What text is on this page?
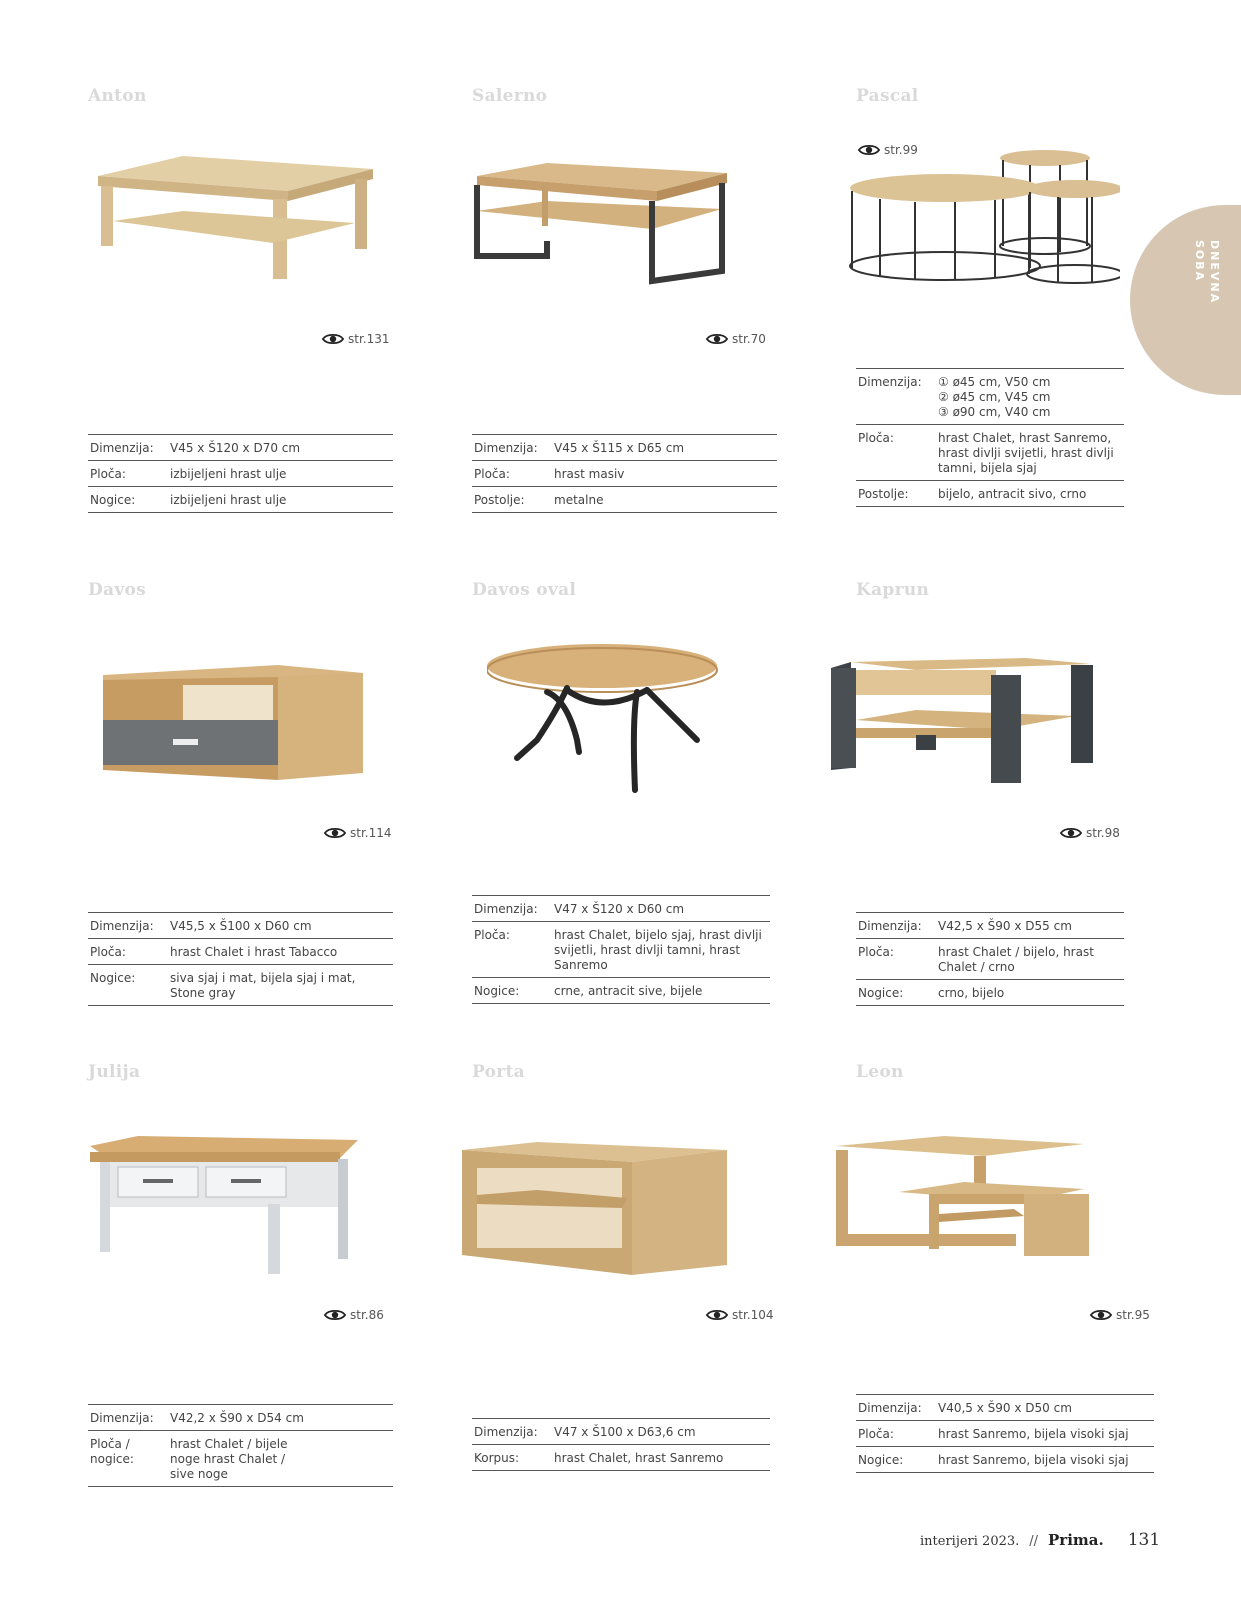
DNEVNA
SOBA
Anton
str.131
Dimenzija:	V45 x Š120 x D70 cm
Ploča:	izbijeljeni hrast ulje
Nogice:	izbijeljeni hrast ulje
Salerno
str.70
Dimenzija:	V45 x Š115 x D65 cm
Ploča:	hrast masiv
Postolje:	metalne
Pascal
str.99
Dimenzija:	① ø45 cm, V50 cm
② ø45 cm, V45 cm
③ ø90 cm, V40 cm
Ploča:	hrast Chalet, hrast Sanremo, hrast divlji svijetli, hrast divlji tamni, bijela sjaj
Postolje:	bijelo, antracit sivo, crno
Davos
str.114
Dimenzija:	V45,5 x Š100 x D60 cm
Ploča:	hrast Chalet i hrast Tabacco
Nogice:	siva sjaj i mat, bijela sjaj i mat, Stone gray
Davos oval
Dimenzija:	V47 x Š120 x D60 cm
Ploča:	hrast Chalet, bijelo sjaj, hrast divlji svijetli, hrast divlji tamni, hrast Sanremo
Nogice:	crne, antracit sive, bijele
Kaprun
str.98
Dimenzija:	V42,5 x Š90 x D55 cm
Ploča:	hrast Chalet / bijelo, hrast Chalet / crno
Nogice:	crno, bijelo
Julija
str.86
Dimenzija:	V42,2 x Š90 x D54 cm
Ploča / nogice:
hrast Chalet / bijele noge hrast Chalet / sive noge
Porta
str.104
Dimenzija:	V47 x Š100 x D63,6 cm
Korpus:	hrast Chalet, hrast Sanremo
Leon
str.95
Dimenzija:	V40,5 x Š90 x D50 cm
Ploča:	hrast Sanremo, bijela visoki sjaj
Nogice:	hrast Sanremo, bijela visoki sjaj
interijeri 2023. // Prima. 131
